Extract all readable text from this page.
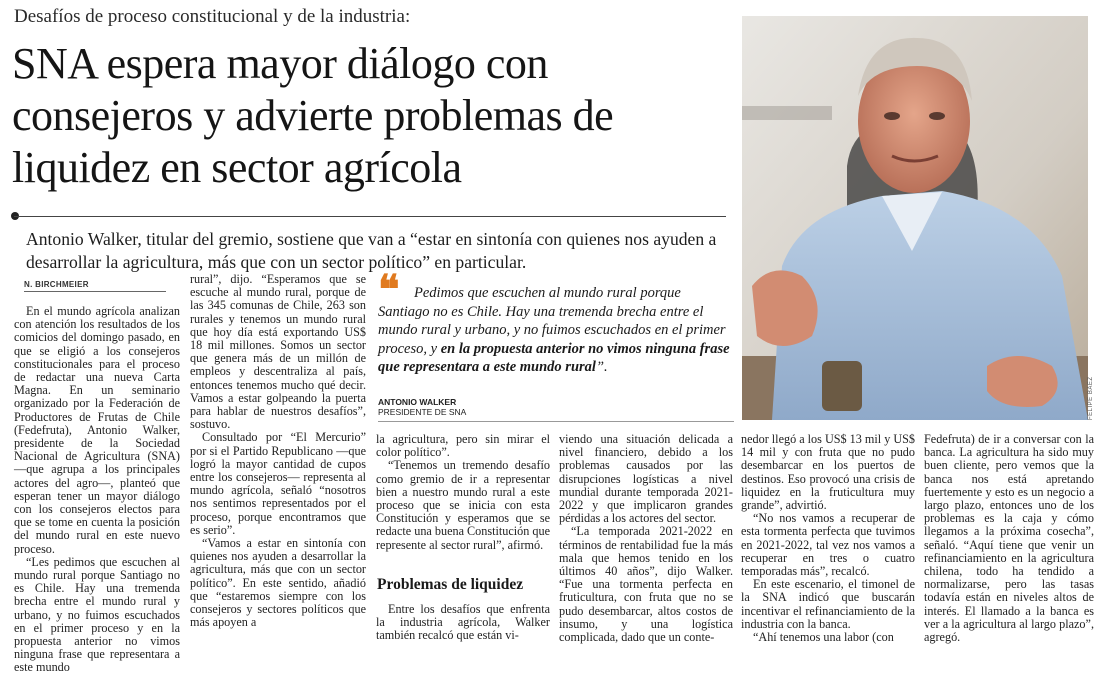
Desafíos de proceso constitucional y de la industria:
SNA espera mayor diálogo con consejeros y advierte problemas de liquidez en sector agrícola
Antonio Walker, titular del gremio, sostiene que van a “estar en sintonía con quienes nos ayuden a desarrollar la agricultura, más que con un sector político” en particular.
FELIPE BÁEZ
N. BIRCHMEIER

En el mundo agrícola analizan con atención los resultados de los comicios del domingo pasado, en que se eligió a los consejeros constitucionales para el proceso de redactar una nueva Carta Magna. En un seminario organizado por la Federación de Productores de Frutas de Chile (Fedefruta), Antonio Walker, presidente de la Sociedad Nacional de Agricultura (SNA) —que agrupa a los principales actores del agro—, planteó que esperan tener un mayor diálogo con los consejeros electos para que se tome en cuenta la posición del mundo rural en este nuevo proceso.

“Les pedimos que escuchen al mundo rural porque Santiago no es Chile. Hay una tremenda brecha entre el mundo rural y urbano, y no fuimos escuchados en el primer proceso y en la propuesta anterior no vimos ninguna frase que representara a este mundo

rural”, dijo. “Esperamos que se escuche al mundo rural, porque de las 345 comunas de Chile, 263 son rurales y tenemos un mundo rural que hoy día está exportando US$ 18 mil millones. Somos un sector que genera más de un millón de empleos y descentraliza al país, entonces tenemos mucho qué decir. Vamos a estar golpeando la puerta para hablar de nuestros desafíos”, sostuvo.

Consultado por “El Mercurio” por si el Partido Republicano —que logró la mayor cantidad de cupos entre los consejeros— representa al mundo agrícola, señaló “nosotros nos sentimos representados por el proceso, porque encontramos que es serio”.

“Vamos a estar en sintonía con quienes nos ayuden a desarrollar la agricultura, más que con un sector político”. En este sentido, añadió que “estaremos siempre con los consejeros y sectores políticos que más apoyen a

❝ Pedimos que escuchen al mundo rural porque Santiago no es Chile. Hay una tremenda brecha entre el mundo rural y urbano, y no fuimos escuchados en el primer proceso, y en la propuesta anterior no vimos ninguna frase que representara a este mundo rural”.
ANTONIO WALKER
PRESIDENTE DE SNA

la agricultura, pero sin mirar el color político”.

“Tenemos un tremendo desafío como gremio de ir a representar bien a nuestro mundo rural a este proceso que se inicia con esta Constitución y esperamos que se redacte una buena Constitución que represente al sector rural”, afirmó.

Problemas de liquidez

Entre los desafíos que enfrenta la industria agrícola, Walker también recalcó que están vi-

viendo una situación delicada a nivel financiero, debido a los problemas causados por las disrupciones logísticas a nivel mundial durante temporada 2021-2022 y que implicaron grandes pérdidas a los actores del sector.

“La temporada 2021-2022 en términos de rentabilidad fue la más mala que hemos tenido en los últimos 40 años”, dijo Walker. “Fue una tormenta perfecta en fruticultura, con fruta que no se pudo desembarcar, altos costos de insumo, y una logística complicada, dado que un conte-

nedor llegó a los US$ 13 mil y US$ 14 mil y con fruta que no pudo desembarcar en los puertos de destinos. Eso provocó una crisis de liquidez en la fruticultura muy grande”, advirtió.

“No nos vamos a recuperar de esta tormenta perfecta que tuvimos en 2021-2022, tal vez nos vamos a recuperar en tres o cuatro temporadas más”, recalcó.

En este escenario, el timonel de la SNA indicó que buscarán incentivar el refinanciamiento de la industria con la banca.

“Ahí tenemos una labor (con

Fedefruta) de ir a conversar con la banca. La agricultura ha sido muy buen cliente, pero vemos que la banca nos está apretando fuertemente y esto es un negocio a largo plazo, entonces uno de los problemas es la caja y cómo llegamos a la próxima cosecha”, señaló. “Aquí tiene que venir un refinanciamiento en la agricultura chilena, todo ha tendido a normalizarse, pero las tasas todavía están en niveles altos de interés. El llamado a la banca es ver a la agricultura al largo plazo”, agregó.
